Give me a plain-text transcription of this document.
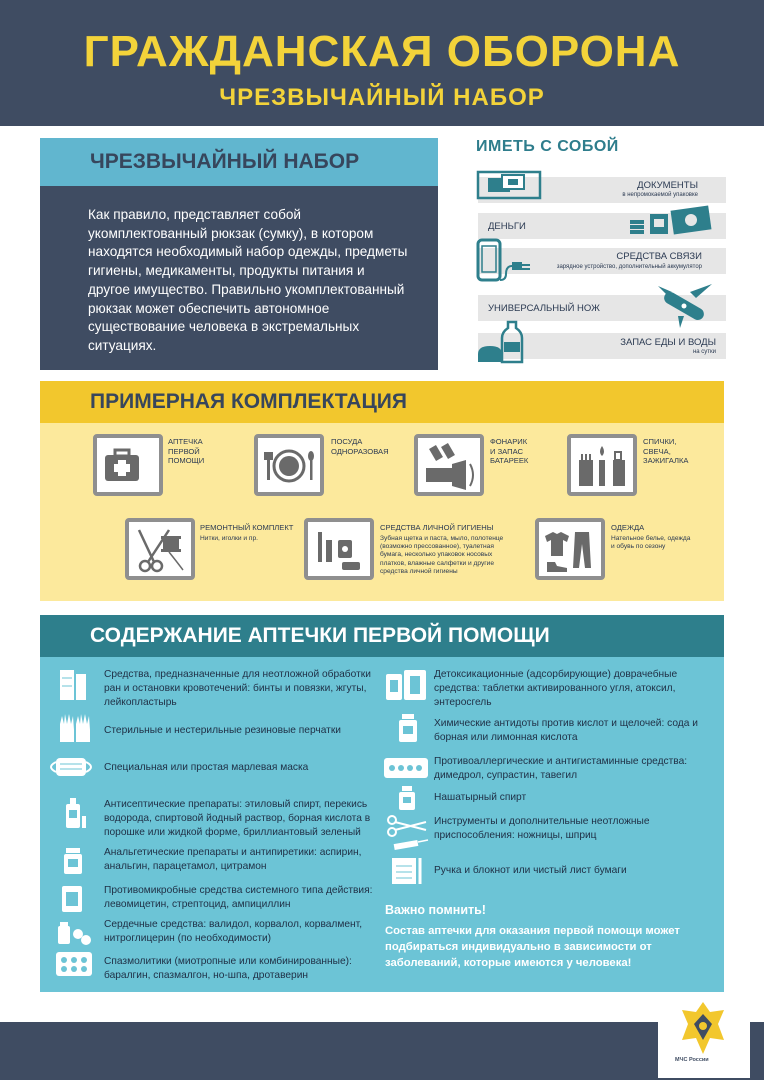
ГРАЖДАНСКАЯ ОБОРОНА
ЧРЕЗВЫЧАЙНЫЙ НАБОР
ЧРЕЗВЫЧАЙНЫЙ НАБОР

Как правило, представляет собой укомплектованный рюкзак (сумку), в котором находятся необходимый набор одежды, предметы гигиены, медикаменты, продукты питания и другое имущество. Правильно укомплектованный рюкзак может обеспечить автономное существование человека в экстремальных ситуациях.

ИМЕТЬ С СОБОЙ
ДОКУМЕНТЫ
в непромокаемой упаковке
ДЕНЬГИ
СРЕДСТВА СВЯЗИ
зарядное устройство, дополнительный аккумулятор
УНИВЕРСАЛЬНЫЙ НОЖ
ЗАПАС ЕДЫ И ВОДЫ
на сутки
ПРИМЕРНАЯ КОМПЛЕКТАЦИЯ
АПТЕЧКА
ПЕРВОЙ
ПОМОЩИ
ПОСУДА
ОДНОРАЗОВАЯ
ФОНАРИК
И ЗАПАС
БАТАРЕЕК
СПИЧКИ,
СВЕЧА,
ЗАЖИГАЛКА
РЕМОНТНЫЙ КОМПЛЕКТ
Нитки, иголки и пр.
СРЕДСТВА ЛИЧНОЙ ГИГИЕНЫ
Зубная щетка и паста, мыло, полотенце (возможно прессованное), туалетная бумага, несколько упаковок носовых платков, влажные салфетки и другие средства личной гигиены
ОДЕЖДА
Нательное белье, одежда и обувь по сезону
СОДЕРЖАНИЕ АПТЕЧКИ ПЕРВОЙ ПОМОЩИ
Средства, предназначенные для неотложной обработки ран и остановки кровотечений: бинты и повязки, жгуты, лейкопластырь
Стерильные и нестерильные резиновые перчатки
Специальная или простая марлевая маска
Антисептические препараты: этиловый спирт, перекись водорода, спиртовой йодный раствор, борная кислота в порошке или жидкой форме, бриллиантовый зеленый
Анальгетические препараты и антипиретики: аспирин, анальгин, парацетамол, цитрамон
Противомикробные средства системного типа действия: левомицетин, стрептоцид, ампициллин
Сердечные средства: валидол, корвалол, корвалмент, нитроглицерин (по необходимости)
Спазмолитики (миотропные или комбинированные): баралгин, спазмалгон, но-шпа, дротаверин
Детоксикационные (адсорбирующие) доврачебные средства: таблетки активированного угля, атоксил, энтеросгель
Химические антидоты против кислот и щелочей: сода и борная или лимонная кислота
Противоаллергические и антигистаминные средства: димедрол, супрастин, тавегил
Нашатырный спирт
Инструменты и дополнительные неотложные приспособления: ножницы, шприц
Ручка и блокнот или чистый лист бумаги
Важно помнить!
Состав аптечки для оказания первой помощи может подбираться индивидуально в зависимости от заболеваний, которые имеются у человека!
МЧС России
